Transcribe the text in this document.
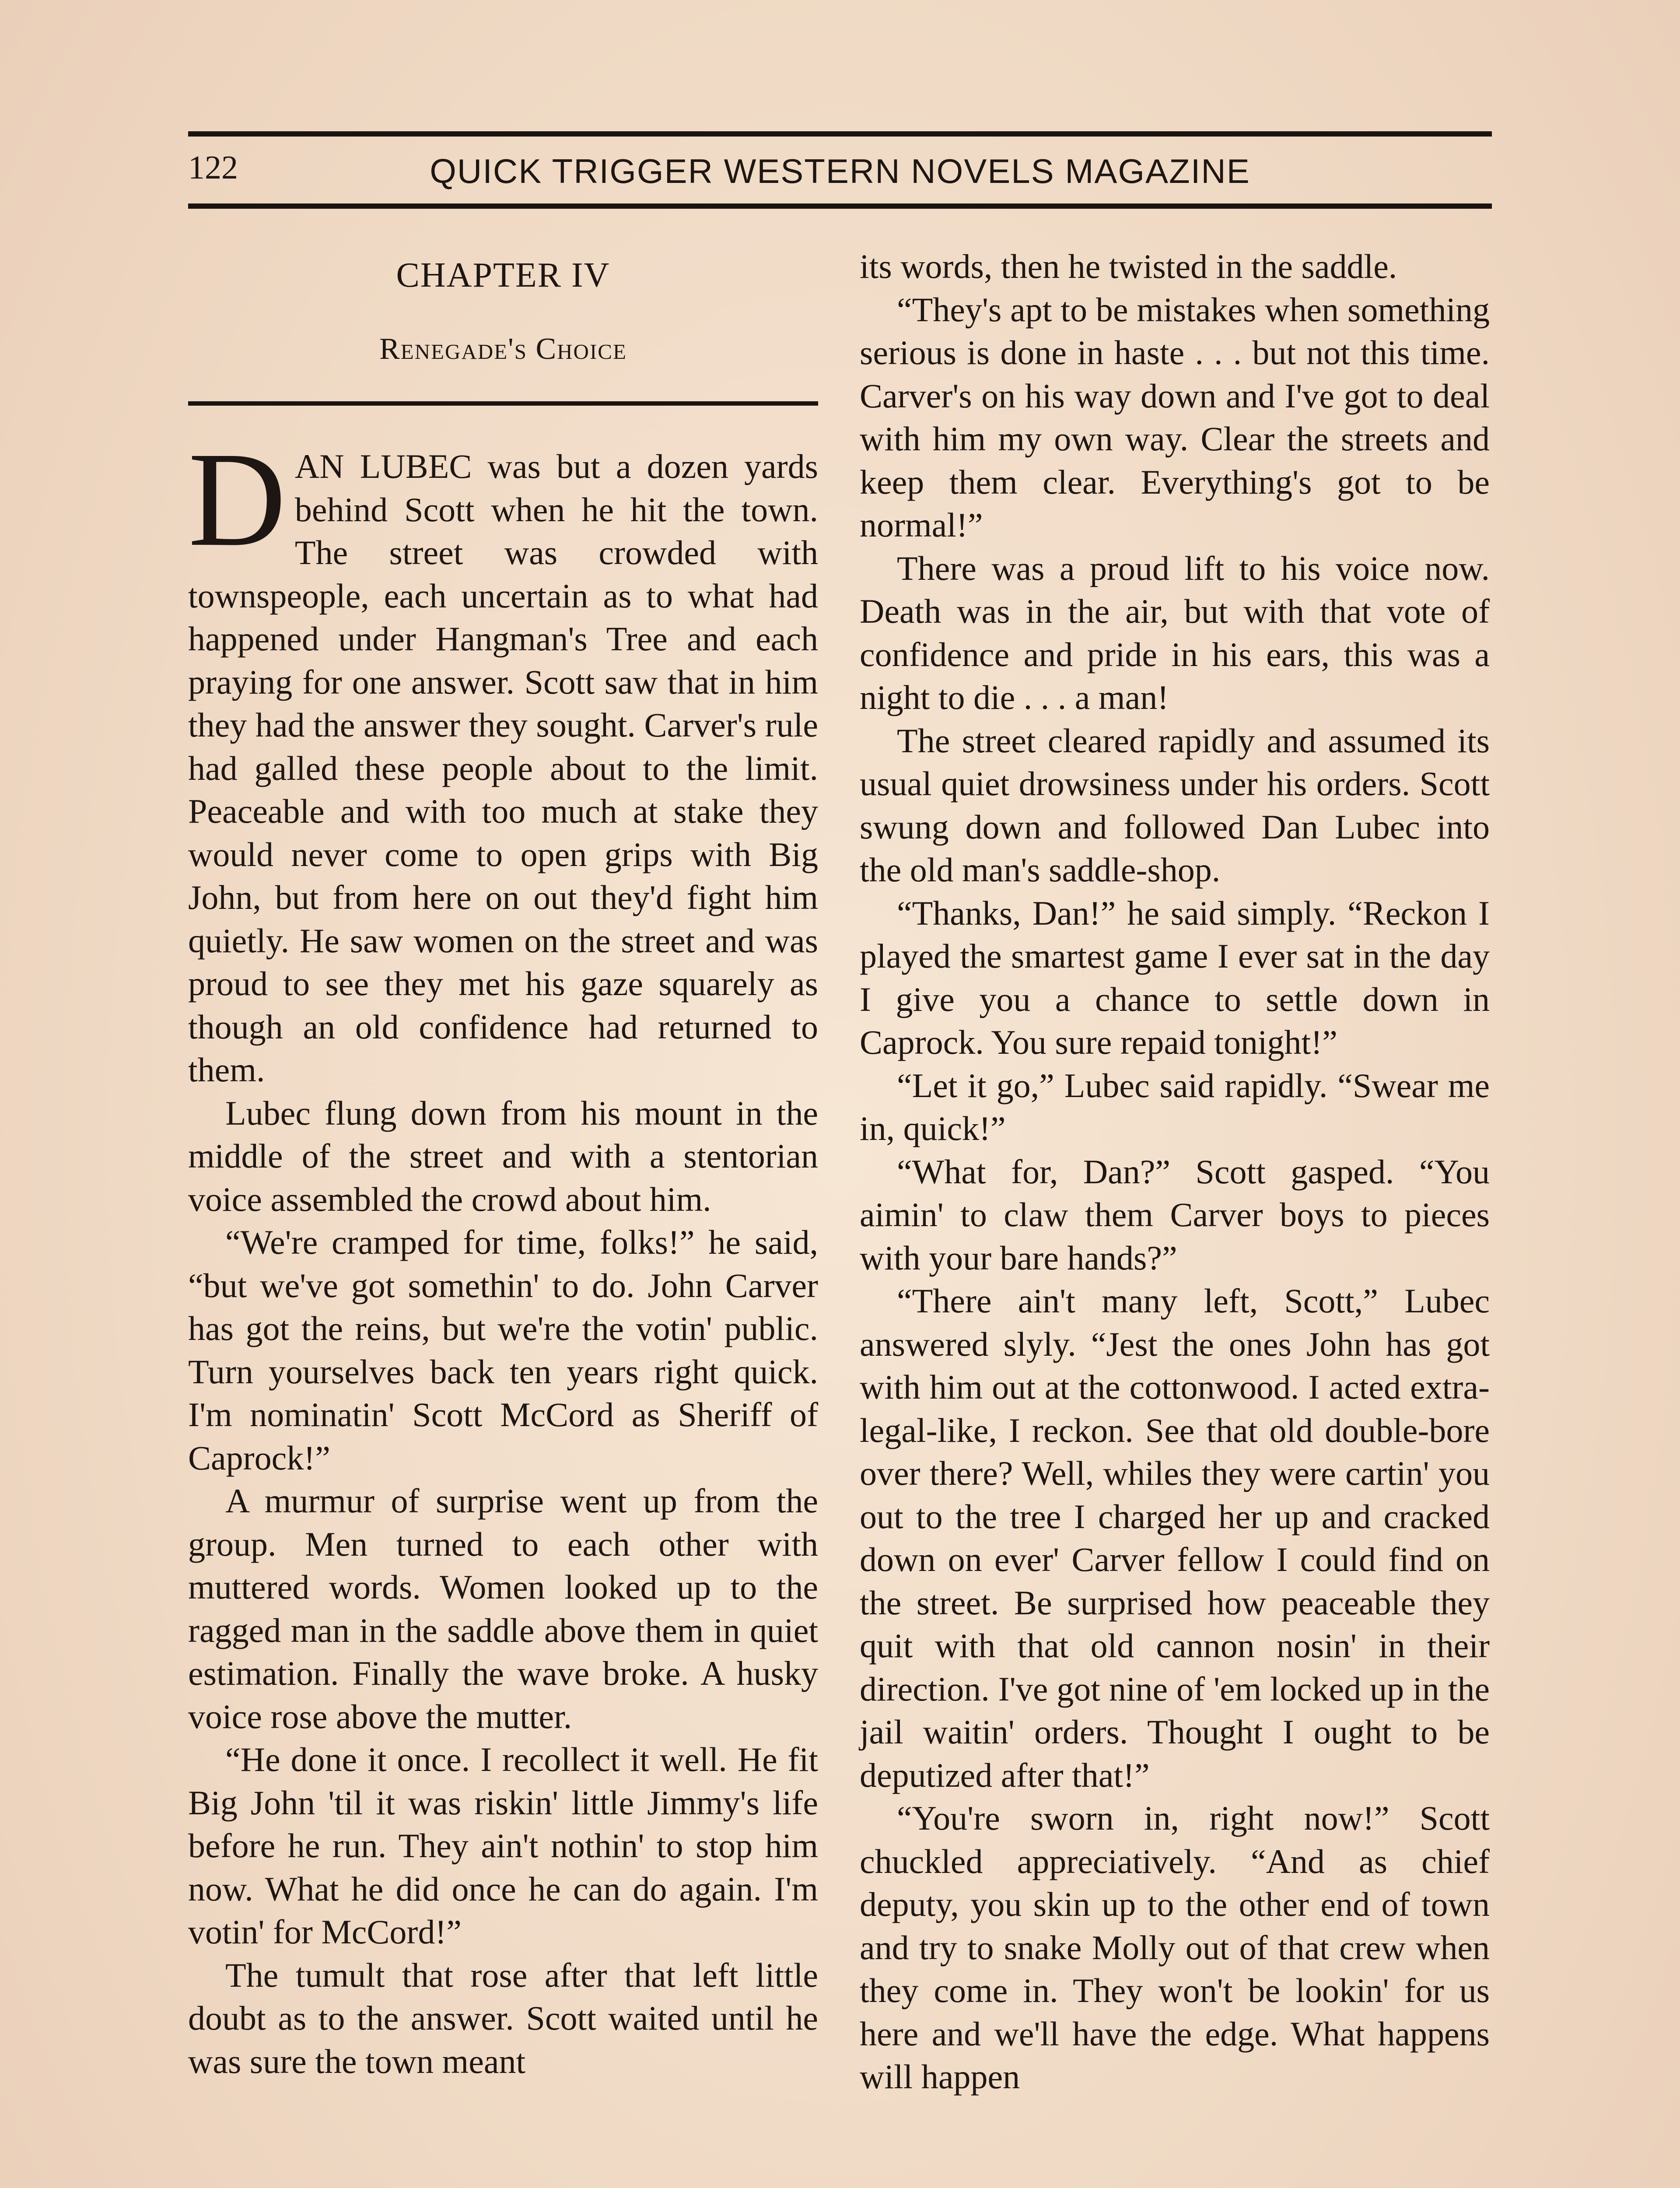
122	QUICK TRIGGER WESTERN NOVELS MAGAZINE
CHAPTER IV
Renegade's Choice

DAN LUBEC was but a dozen yards behind Scott when he hit the town. The street was crowded with townspeople, each uncertain as to what had happened under Hangman's Tree and each praying for one answer. Scott saw that in him they had the answer they sought. Carver's rule had galled these people about to the limit. Peaceable and with too much at stake they would never come to open grips with Big John, but from here on out they'd fight him quietly. He saw women on the street and was proud to see they met his gaze squarely as though an old confidence had returned to them.

Lubec flung down from his mount in the middle of the street and with a stentorian voice assembled the crowd about him.

“We're cramped for time, folks!” he said, “but we've got somethin' to do. John Carver has got the reins, but we're the votin' public. Turn yourselves back ten years right quick. I'm nominatin' Scott McCord as Sheriff of Caprock!”

A murmur of surprise went up from the group. Men turned to each other with muttered words. Women looked up to the ragged man in the saddle above them in quiet estimation. Finally the wave broke. A husky voice rose above the mutter.

“He done it once. I recollect it well. He fit Big John 'til it was riskin' little Jimmy's life before he run. They ain't nothin' to stop him now. What he did once he can do again. I'm votin' for McCord!”

The tumult that rose after that left little doubt as to the answer. Scott waited until he was sure the town meant

its words, then he twisted in the saddle.

“They's apt to be mistakes when something serious is done in haste . . . but not this time. Carver's on his way down and I've got to deal with him my own way. Clear the streets and keep them clear. Everything's got to be normal!”

There was a proud lift to his voice now. Death was in the air, but with that vote of confidence and pride in his ears, this was a night to die . . . a man!

The street cleared rapidly and assumed its usual quiet drowsiness under his orders. Scott swung down and followed Dan Lubec into the old man's saddle-shop.

“Thanks, Dan!” he said simply. “Reckon I played the smartest game I ever sat in the day I give you a chance to settle down in Caprock. You sure repaid tonight!”

“Let it go,” Lubec said rapidly. “Swear me in, quick!”

“What for, Dan?” Scott gasped. “You aimin' to claw them Carver boys to pieces with your bare hands?”

“There ain't many left, Scott,” Lubec answered slyly. “Jest the ones John has got with him out at the cottonwood. I acted extra-legal-like, I reckon. See that old double-bore over there? Well, whiles they were cartin' you out to the tree I charged her up and cracked down on ever' Carver fellow I could find on the street. Be surprised how peaceable they quit with that old cannon nosin' in their direction. I've got nine of 'em locked up in the jail waitin' orders. Thought I ought to be deputized after that!”

“You're sworn in, right now!” Scott chuckled appreciatively. “And as chief deputy, you skin up to the other end of town and try to snake Molly out of that crew when they come in. They won't be lookin' for us here and we'll have the edge. What happens will happen
